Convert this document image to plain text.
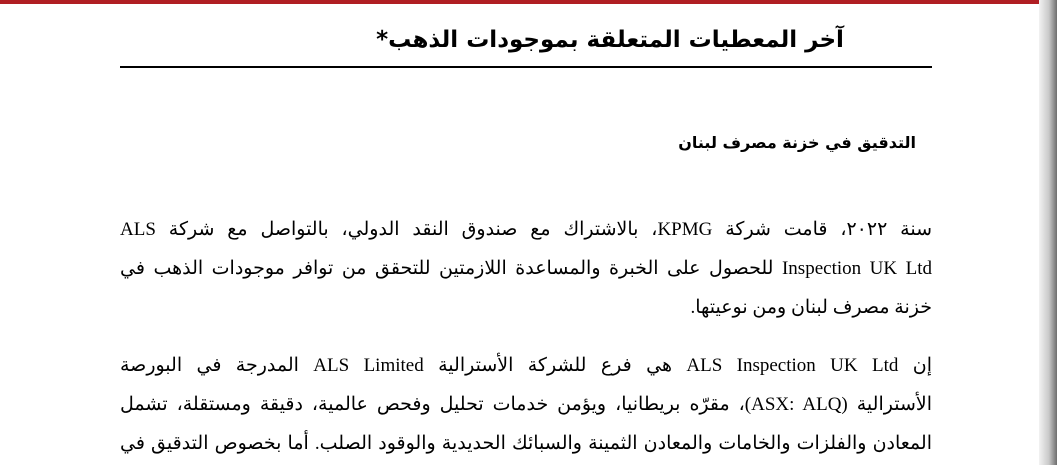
آخر المعطيات المتعلقة بموجودات الذهب*
التدقيق في خزنة مصرف لبنان
سنة ٢٠٢٢، قامت شركة KPMG، بالاشتراك مع صندوق النقد الدولي، بالتواصل مع شركة ALS
Inspection UK Ltd للحصول على الخبرة والمساعدة اللازمتين للتحقق من توافر موجودات الذهب في
خزنة مصرف لبنان ومن نوعيتها.
إن ALS Inspection UK Ltd هي فرع للشركة الأسترالية ALS Limited المدرجة في البورصة
الأسترالية (ASX: ALQ)، مقرّه بريطانيا، ويؤمن خدمات تحليل وفحص عالمية، دقيقة ومستقلة، تشمل
المعادن والفلزات والخامات والمعادن الثمينة والسبائك الحديدية والوقود الصلب. أما بخصوص التدقيق في
